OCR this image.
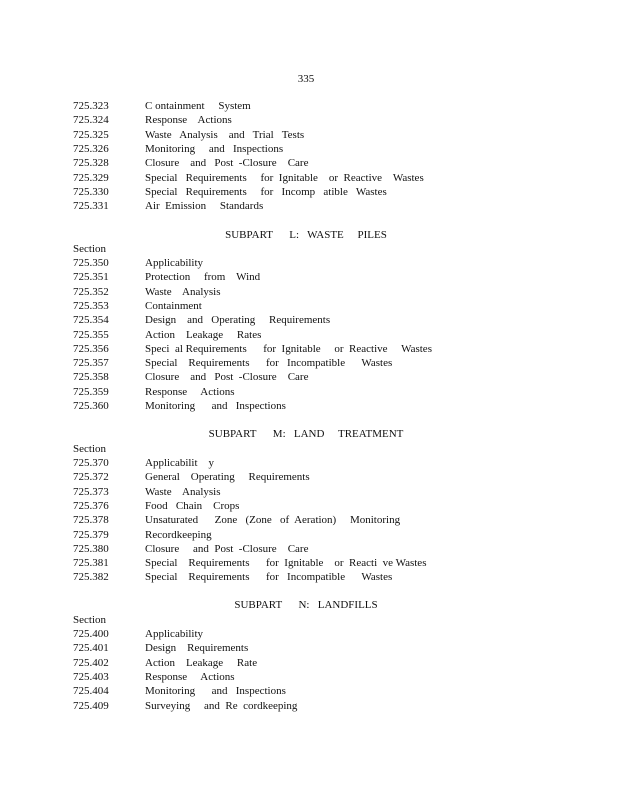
335
725.323	C ontainment     System
725.324	Response    Actions
725.325	Waste   Analysis    and   Trial   Tests
725.326	Monitoring     and   Inspections
725.328	Closure    and   Post  -Closure    Care
725.329	Special   Requirements     for  Ignitable    or  Reactive    Wastes
725.330	Special   Requirements     for   Incomp   atible   Wastes
725.331	Air  Emission     Standards
SUBPART      L:   WASTE     PILES
Section
725.350	Applicability
725.351	Protection     from    Wind
725.352	Waste    Analysis
725.353	Containment
725.354	Design    and   Operating     Requirements
725.355	Action    Leakage     Rates
725.356	Speci  al Requirements      for  Ignitable     or  Reactive     Wastes
725.357	Special    Requirements      for   Incompatible      Wastes
725.358	Closure    and   Post  -Closure    Care
725.359	Response     Actions
725.360	Monitoring      and   Inspections
SUBPART      M:   LAND     TREATMENT
Section
725.370	Applicabilit    y
725.372	General    Operating     Requirements
725.373	Waste    Analysis
725.376	Food   Chain    Crops
725.378	Unsaturated      Zone   (Zone   of  Aeration)     Monitoring
725.379	Recordkeeping
725.380	Closure     and  Post  -Closure    Care
725.381	Special    Requirements      for  Ignitable    or  Reacti  ve Wastes
725.382	Special    Requirements      for   Incompatible      Wastes
SUBPART      N:   LANDFILLS
Section
725.400	Applicability
725.401	Design    Requirements
725.402	Action    Leakage     Rate
725.403	Response     Actions
725.404	Monitoring      and   Inspections
725.409	Surveying     and  Re  cordkeeping
